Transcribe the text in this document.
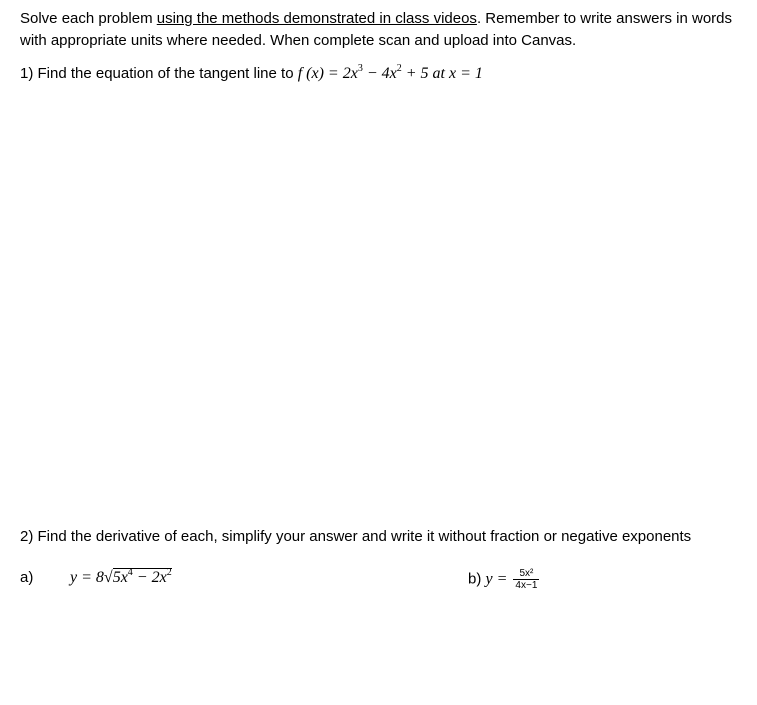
Solve each problem using the methods demonstrated in class videos. Remember to write answers in words
with appropriate units where needed. When complete scan and upload into Canvas.
1) Find the equation of the tangent line to f $(x) = 2x^3 - 4x^2 + 5$ at x = 1
2) Find the derivative of each, simplify your answer and write it without fraction or negative exponents
a) $y = 8√5x^4 - 2x^2$	b) $y = \frac{\text{5x²}}{4x-1}$
